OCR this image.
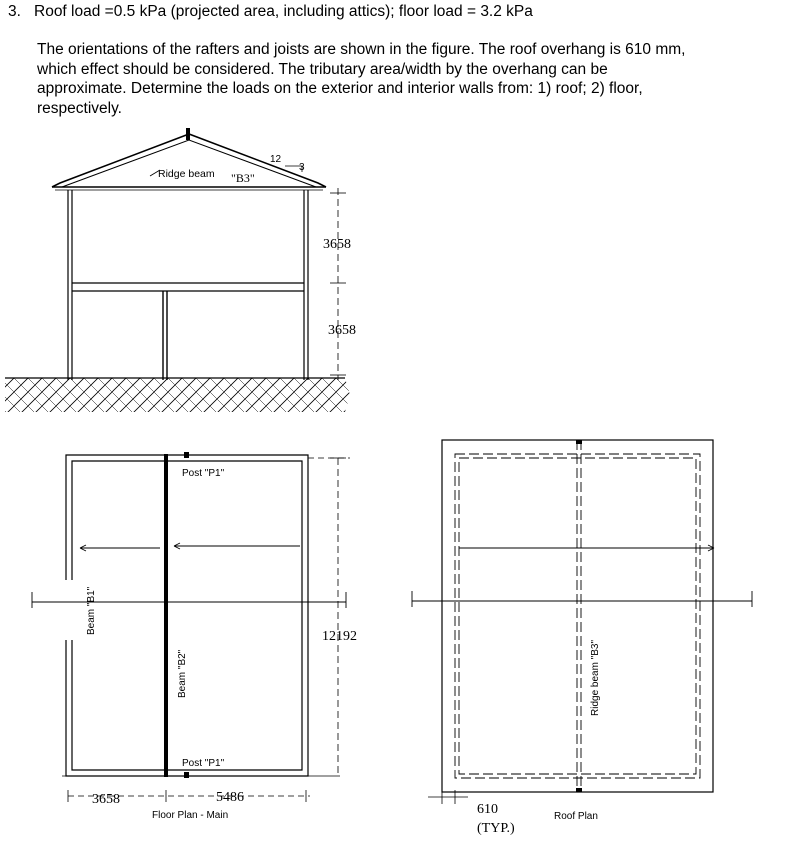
3. Roof load =0.5 kPa (projected area, including attics); floor load = 3.2 kPa

The orientations of the rafters and joists are shown in the figure. The roof overhang is 610 mm,

which effect should be considered. The tributary area/width by the overhang can be

approximate. Determine the loads on the exterior and interior walls from: 1) roof; 2) floor,

respectively.

Ridge beam "B3"
12
3
3658
3658
Post "P1"
Post "P1"
Beam "B1"
Beam "B2"
12192
3658	5486
Floor Plan - Main
Ridge beam "B3"
610
(TYP.)
Roof Plan
